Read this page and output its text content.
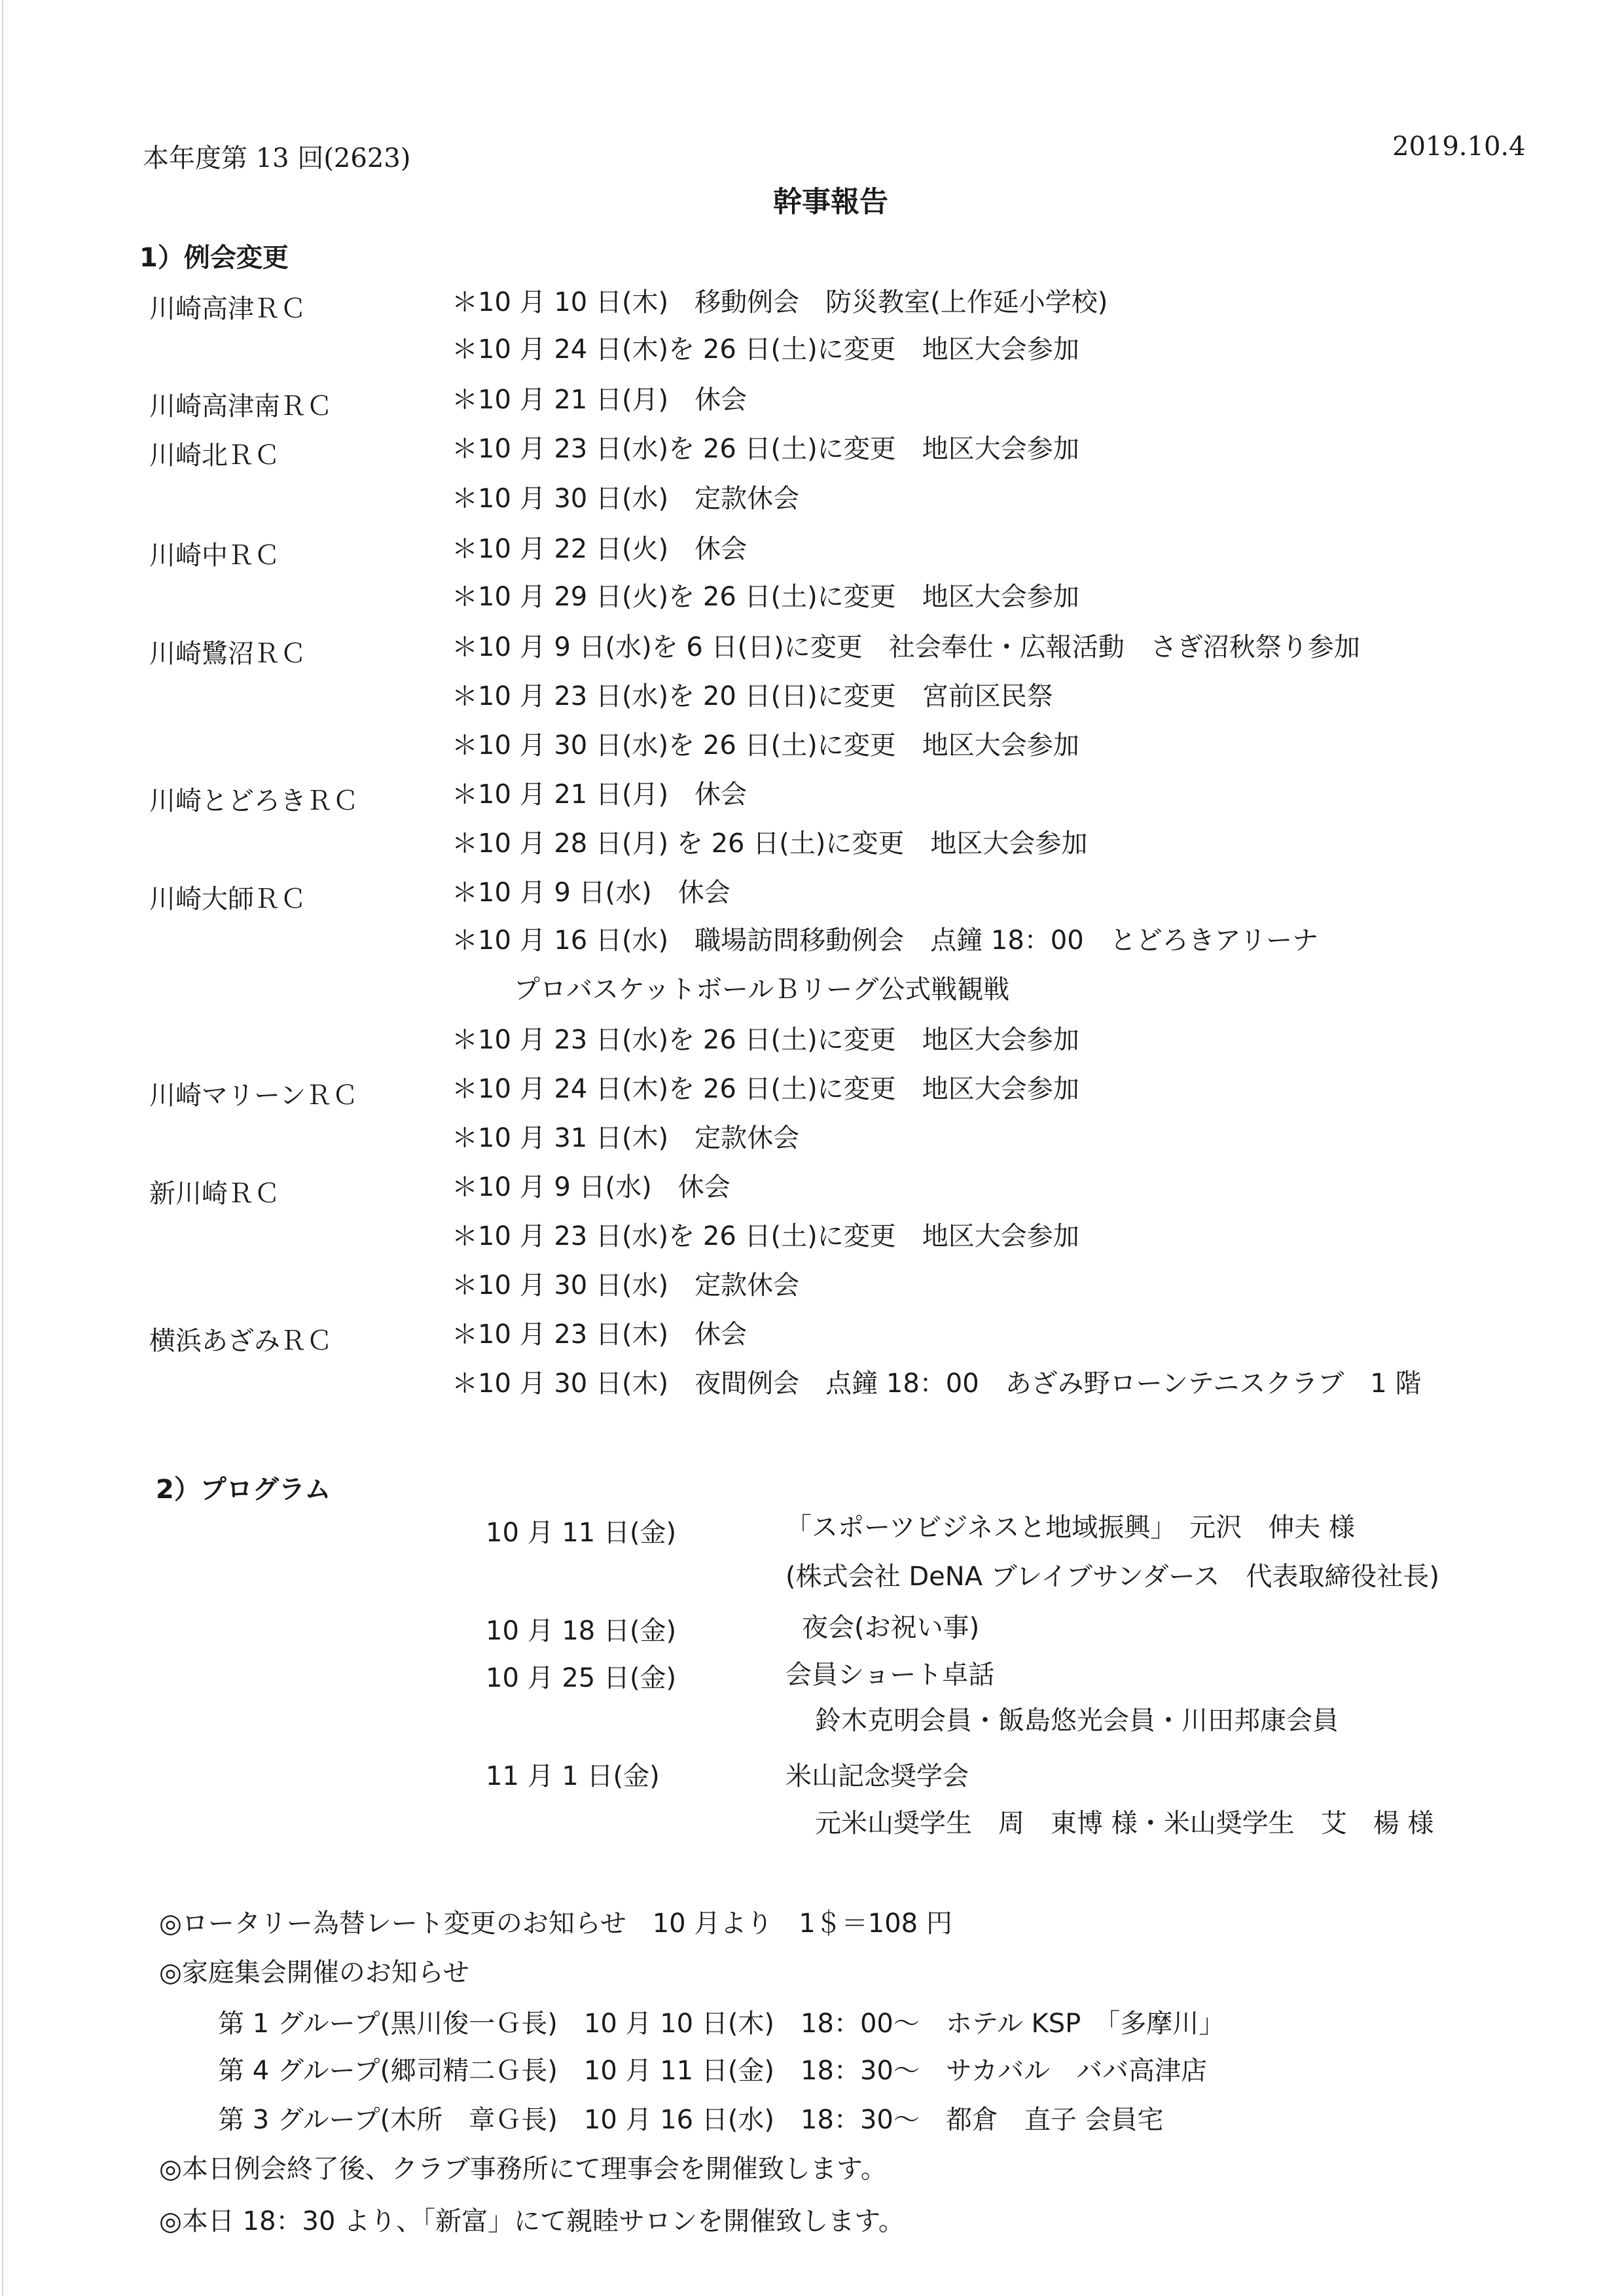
本年度第 13 回(2623)	2019.10.4
幹事報告
1）例会変更
川崎高津ＲＣ	＊10 月 10 日(木)　移動例会　防災教室(上作延小学校)
＊10 月 24 日(木)を 26 日(土)に変更　地区大会参加
川崎高津南ＲＣ	＊10 月 21 日(月)　休会
川崎北ＲＣ	＊10 月 23 日(水)を 26 日(土)に変更　地区大会参加
＊10 月 30 日(水)　定款休会
川崎中ＲＣ	＊10 月 22 日(火)　休会
＊10 月 29 日(火)を 26 日(土)に変更　地区大会参加
川崎鷺沼ＲＣ	＊10 月 9 日(水)を 6 日(日)に変更　社会奉仕・広報活動　さぎ沼秋祭り参加
＊10 月 23 日(水)を 20 日(日)に変更　宮前区民祭
＊10 月 30 日(水)を 26 日(土)に変更　地区大会参加
川崎とどろきＲＣ	＊10 月 21 日(月)　休会
＊10 月 28 日(月) を 26 日(土)に変更　地区大会参加
川崎大師ＲＣ	＊10 月 9 日(水)　休会
＊10 月 16 日(水)　職場訪問移動例会　点鐘 18：00　とどろきアリーナ
プロバスケットボールＢリーグ公式戦観戦
＊10 月 23 日(水)を 26 日(土)に変更　地区大会参加
川崎マリーンＲＣ	＊10 月 24 日(木)を 26 日(土)に変更　地区大会参加
＊10 月 31 日(木)　定款休会
新川崎ＲＣ	＊10 月 9 日(水)　休会
＊10 月 23 日(水)を 26 日(土)に変更　地区大会参加
＊10 月 30 日(水)　定款休会
横浜あざみＲＣ	＊10 月 23 日(木)　休会
＊10 月 30 日(木)　夜間例会　点鐘 18：00　あざみ野ローンテニスクラブ　1 階
2）プログラム
10 月 11 日(金)	「スポーツビジネスと地域振興」　元沢　伸夫 様
(株式会社 DeNA ブレイブサンダース　代表取締役社長)
10 月 18 日(金)	夜会(お祝い事)
10 月 25 日(金)	会員ショート卓話
鈴木克明会員・飯島悠光会員・川田邦康会員
11 月 1 日(金)	米山記念奨学会
元米山奨学生　周　東博 様・米山奨学生　艾　楊 様
◎ロータリー為替レート変更のお知らせ　10 月より　1＄＝108 円
◎家庭集会開催のお知らせ
第 1 グループ(黒川俊一Ｇ長)　10 月 10 日(木)　18：00～　ホテル KSP　「多摩川」
第 4 グループ(郷司精二Ｇ長)　10 月 11 日(金)　18：30～　サカバル　ババ高津店
第 3 グループ(木所　章Ｇ長)　10 月 16 日(水)　18：30～　都倉　直子 会員宅
◎本日例会終了後、クラブ事務所にて理事会を開催致します。
◎本日 18：30 より、「新富」にて親睦サロンを開催致します。
